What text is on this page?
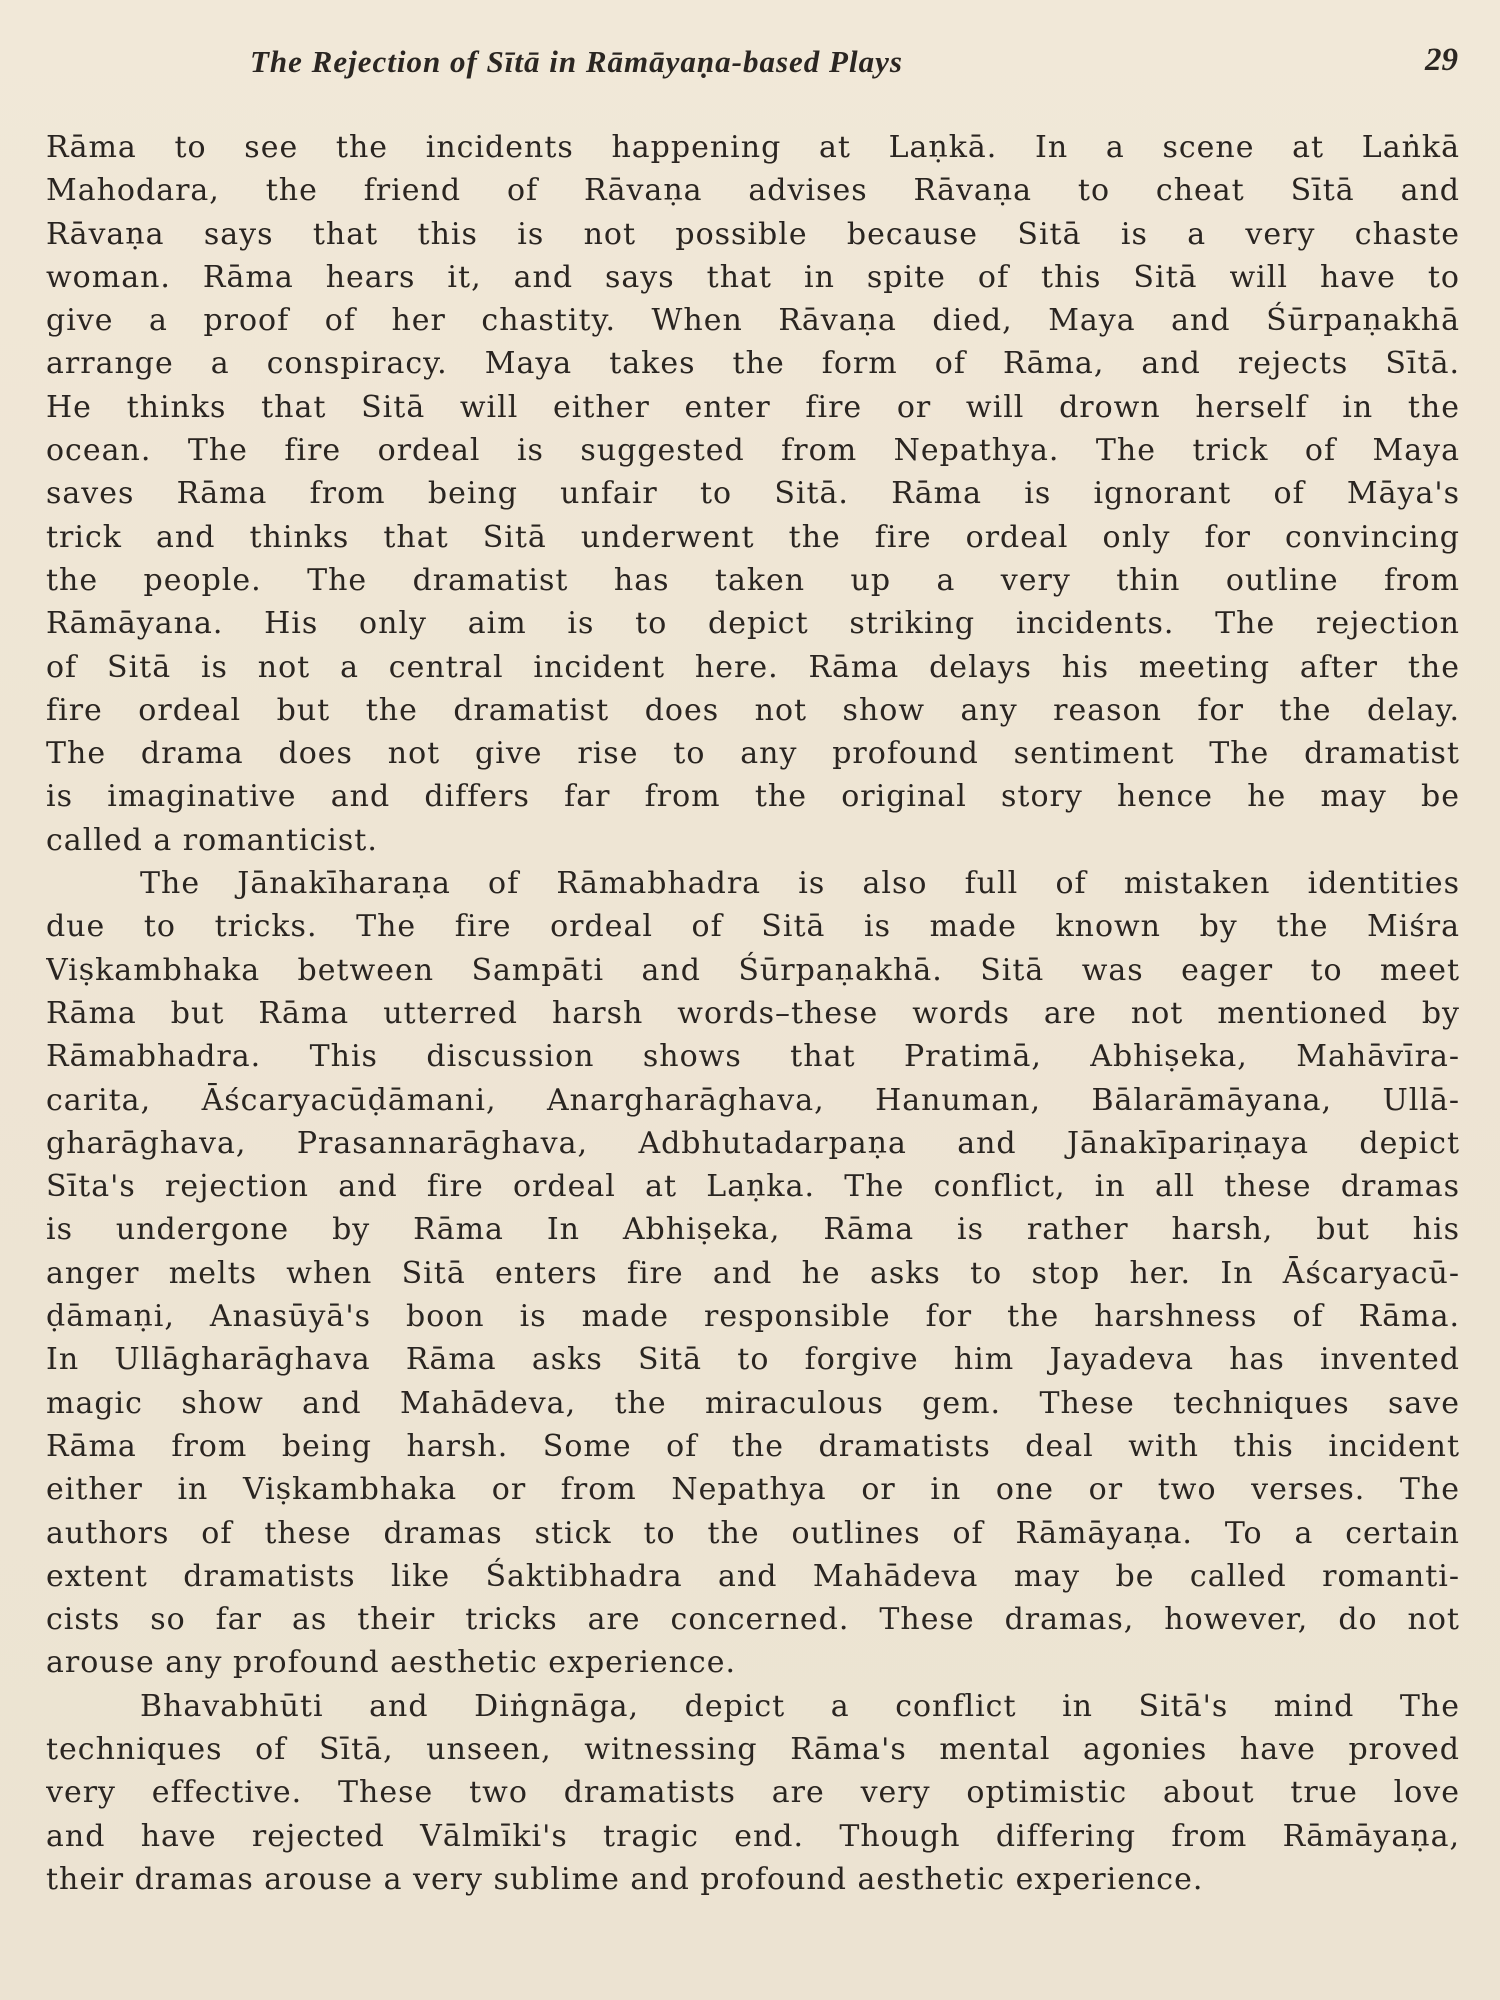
The Rejection of Sītā in Rāmāyaṇa-based Plays	29
Rāma to see the incidents happening at Laṇkā. In a scene at Laṅkā
Mahodara, the friend of Rāvaṇa advises Rāvaṇa to cheat Sītā and
Rāvaṇa says that this is not possible because Sitā is a very chaste
woman. Rāma hears it, and says that in spite of this Sitā will have to
give a proof of her chastity. When Rāvaṇa died, Maya and Śūrpaṇakhā
arrange a conspiracy. Maya takes the form of Rāma, and rejects Sītā.
He thinks that Sitā will either enter fire or will drown herself in the
ocean. The fire ordeal is suggested from Nepathya. The trick of Maya
saves Rāma from being unfair to Sitā. Rāma is ignorant of Māya's
trick and thinks that Sitā underwent the fire ordeal only for convincing
the people. The dramatist has taken up a very thin outline from
Rāmāyana. His only aim is to depict striking incidents. The rejection
of Sitā is not a central incident here. Rāma delays his meeting after the
fire ordeal but the dramatist does not show any reason for the delay.
The drama does not give rise to any profound sentiment The dramatist
is imaginative and differs far from the original story hence he may be
called a romanticist.
The Jānakīharaṇa of Rāmabhadra is also full of mistaken identities
due to tricks. The fire ordeal of Sitā is made known by the Miśra
Viṣkambhaka between Sampāti and Śūrpaṇakhā. Sitā was eager to meet
Rāma but Rāma utterred harsh words–these words are not mentioned by
Rāmabhadra. This discussion shows that Pratimā, Abhiṣeka, Mahāvīra-
carita, Āścaryacūḍāmani, Anargharāghava, Hanuman, Bālarāmāyana, Ullā-
gharāghava, Prasannarāghava, Adbhutadarpaṇa and Jānakīpariṇaya depict
Sīta's rejection and fire ordeal at Laṇka. The conflict, in all these dramas
is undergone by Rāma In Abhiṣeka, Rāma is rather harsh, but his
anger melts when Sitā enters fire and he asks to stop her. In Āścaryacū-
ḍāmaṇi, Anasūyā's boon is made responsible for the harshness of Rāma.
In Ullāgharāghava Rāma asks Sitā to forgive him Jayadeva has invented
magic show and Mahādeva, the miraculous gem. These techniques save
Rāma from being harsh. Some of the dramatists deal with this incident
either in Viṣkambhaka or from Nepathya or in one or two verses. The
authors of these dramas stick to the outlines of Rāmāyaṇa. To a certain
extent dramatists like Śaktibhadra and Mahādeva may be called romanti-
cists so far as their tricks are concerned. These dramas, however, do not
arouse any profound aesthetic experience.
Bhavabhūti and Diṅgnāga, depict a conflict in Sitā's mind The
techniques of Sītā, unseen, witnessing Rāma's mental agonies have proved
very effective. These two dramatists are very optimistic about true love
and have rejected Vālmīki's tragic end. Though differing from Rāmāyaṇa,
their dramas arouse a very sublime and profound aesthetic experience.
